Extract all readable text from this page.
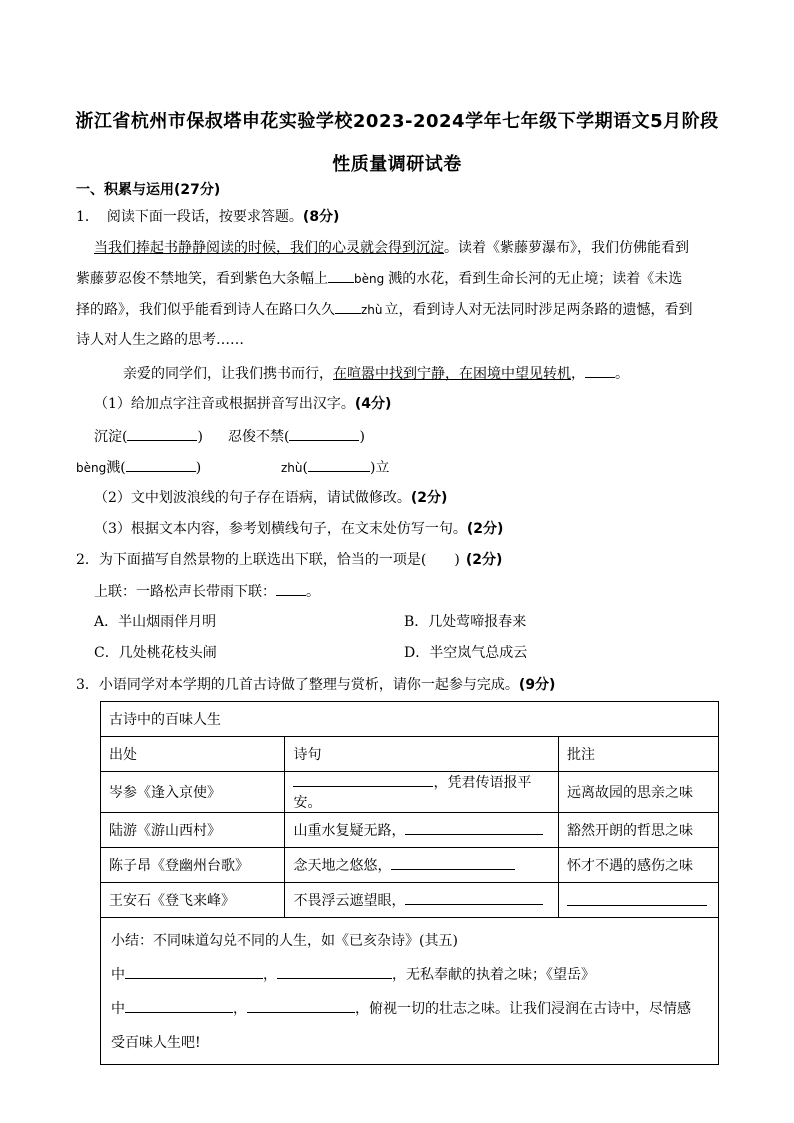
浙江省杭州市保叔塔申花实验学校2023-2024学年七年级下学期语文5月阶段
性质量调研试卷
一、积累与运用(27分)
1． 阅读下面一段话，按要求答题。(8分)
当我们捧起书静静阅读的时候，我们的心灵就会得到沉淀。读着《紫藤萝瀑布》，我们仿佛能看到
紫藤萝忍俊不禁地笑，看到紫色大条幅上 bèng 溅的水花，看到生命长河的无止境；读着《未选
择的路》，我们似乎能看到诗人在路口久久 zhù 立，看到诗人对无法同时涉足两条路的遗憾，看到
诗人对人生之路的思考……
亲爱的同学们，让我们携书而行，在喧嚣中找到宁静，在困境中望见转机， 。
（1）给加点字注音或根据拼音写出汉字。(4分)
沉淀(	) 忍俊不禁(	)
bèng溅(	)	zhù(	)立
（2）文中划波浪线的句子存在语病，请试做修改。(2分)
（3）根据文本内容，参考划横线句子，在文末处仿写一句。(2分)
2．为下面描写自然景物的上联选出下联，恰当的一项是(　　) (2分)
上联：一路松声长带雨下联： 。
A．半山烟雨伴月明	B．几处莺啼报春来
C．几处桃花枝头闹	D．半空岚气总成云
3．小语同学对本学期的几首古诗做了整理与赏析，请你一起参与完成。(9分)
古诗中的百味人生		
出处	诗句	批注
岑参《逢入京使》	，凭君传语报平安。	远离故园的思亲之味
陆游《游山西村》	山重水复疑无路，	豁然开朗的哲思之味
陈子昂《登幽州台歌》	念天地之悠悠，	怀才不遇的感伤之味
王安石《登飞来峰》	不畏浮云遮望眼，	

小结：不同味道勾兑不同的人生，如《已亥杂诗》(其五)
中 ， ，无私奉献的执着之味；《望岳》
中 ， ，俯视一切的壮志之味。让我们浸润在古诗中，尽情感
受百味人生吧!		
